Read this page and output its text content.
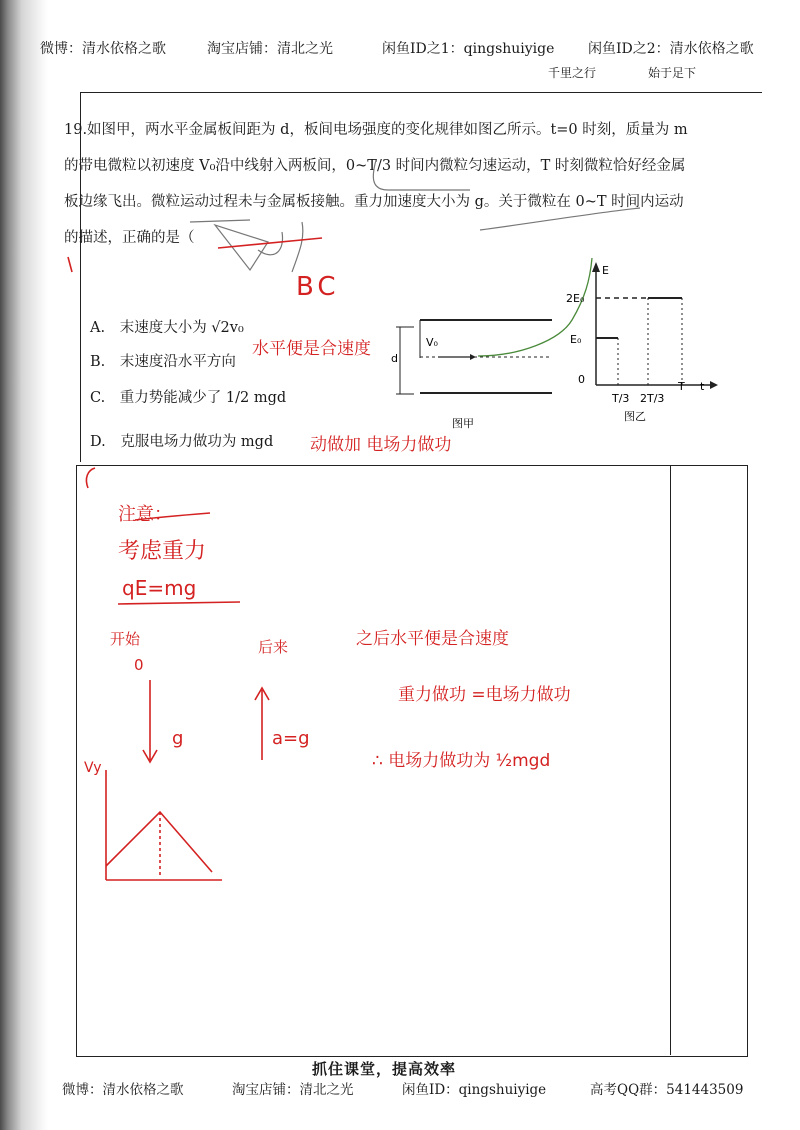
微博：清水依格之歌	淘宝店铺：清北之光	闲鱼ID之1：qingshuiyige 闲鱼ID之2：清水依格之歌
千里之行	始于足下
19.如图甲，两水平金属板间距为 d，板间电场强度的变化规律如图乙所示。t=0 时刻，质量为 m
的带电微粒以初速度 V₀沿中线射入两板间，0~T/3 时间内微粒匀速运动，T 时刻微粒恰好经金属
板边缘飞出。微粒运动过程未与金属板接触。重力加速度大小为 g。关于微粒在 0~T 时间内运动
的描述，正确的是（
A. 末速度大小为 √2v₀
B. 末速度沿水平方向
C. 重力势能减少了 1/2 mgd
D. 克服电场力做功为 mgd
V₀
d
图甲
E
2E₀
E₀
0
T/3 2T/3
T t
图乙
BC
水平便是合速度
动做加 电场力做功
注意：
考虑重力
qE=mg
开始
0
g
后来
a=g
之后水平便是合速度
重力做功 =电场力做功
∴ 电场力做功为 ½mgd
Vy
抓住课堂，提高效率
微博：清水依格之歌	淘宝店铺：清北之光	闲鱼ID：qingshuiyige	高考QQ群：541443509
